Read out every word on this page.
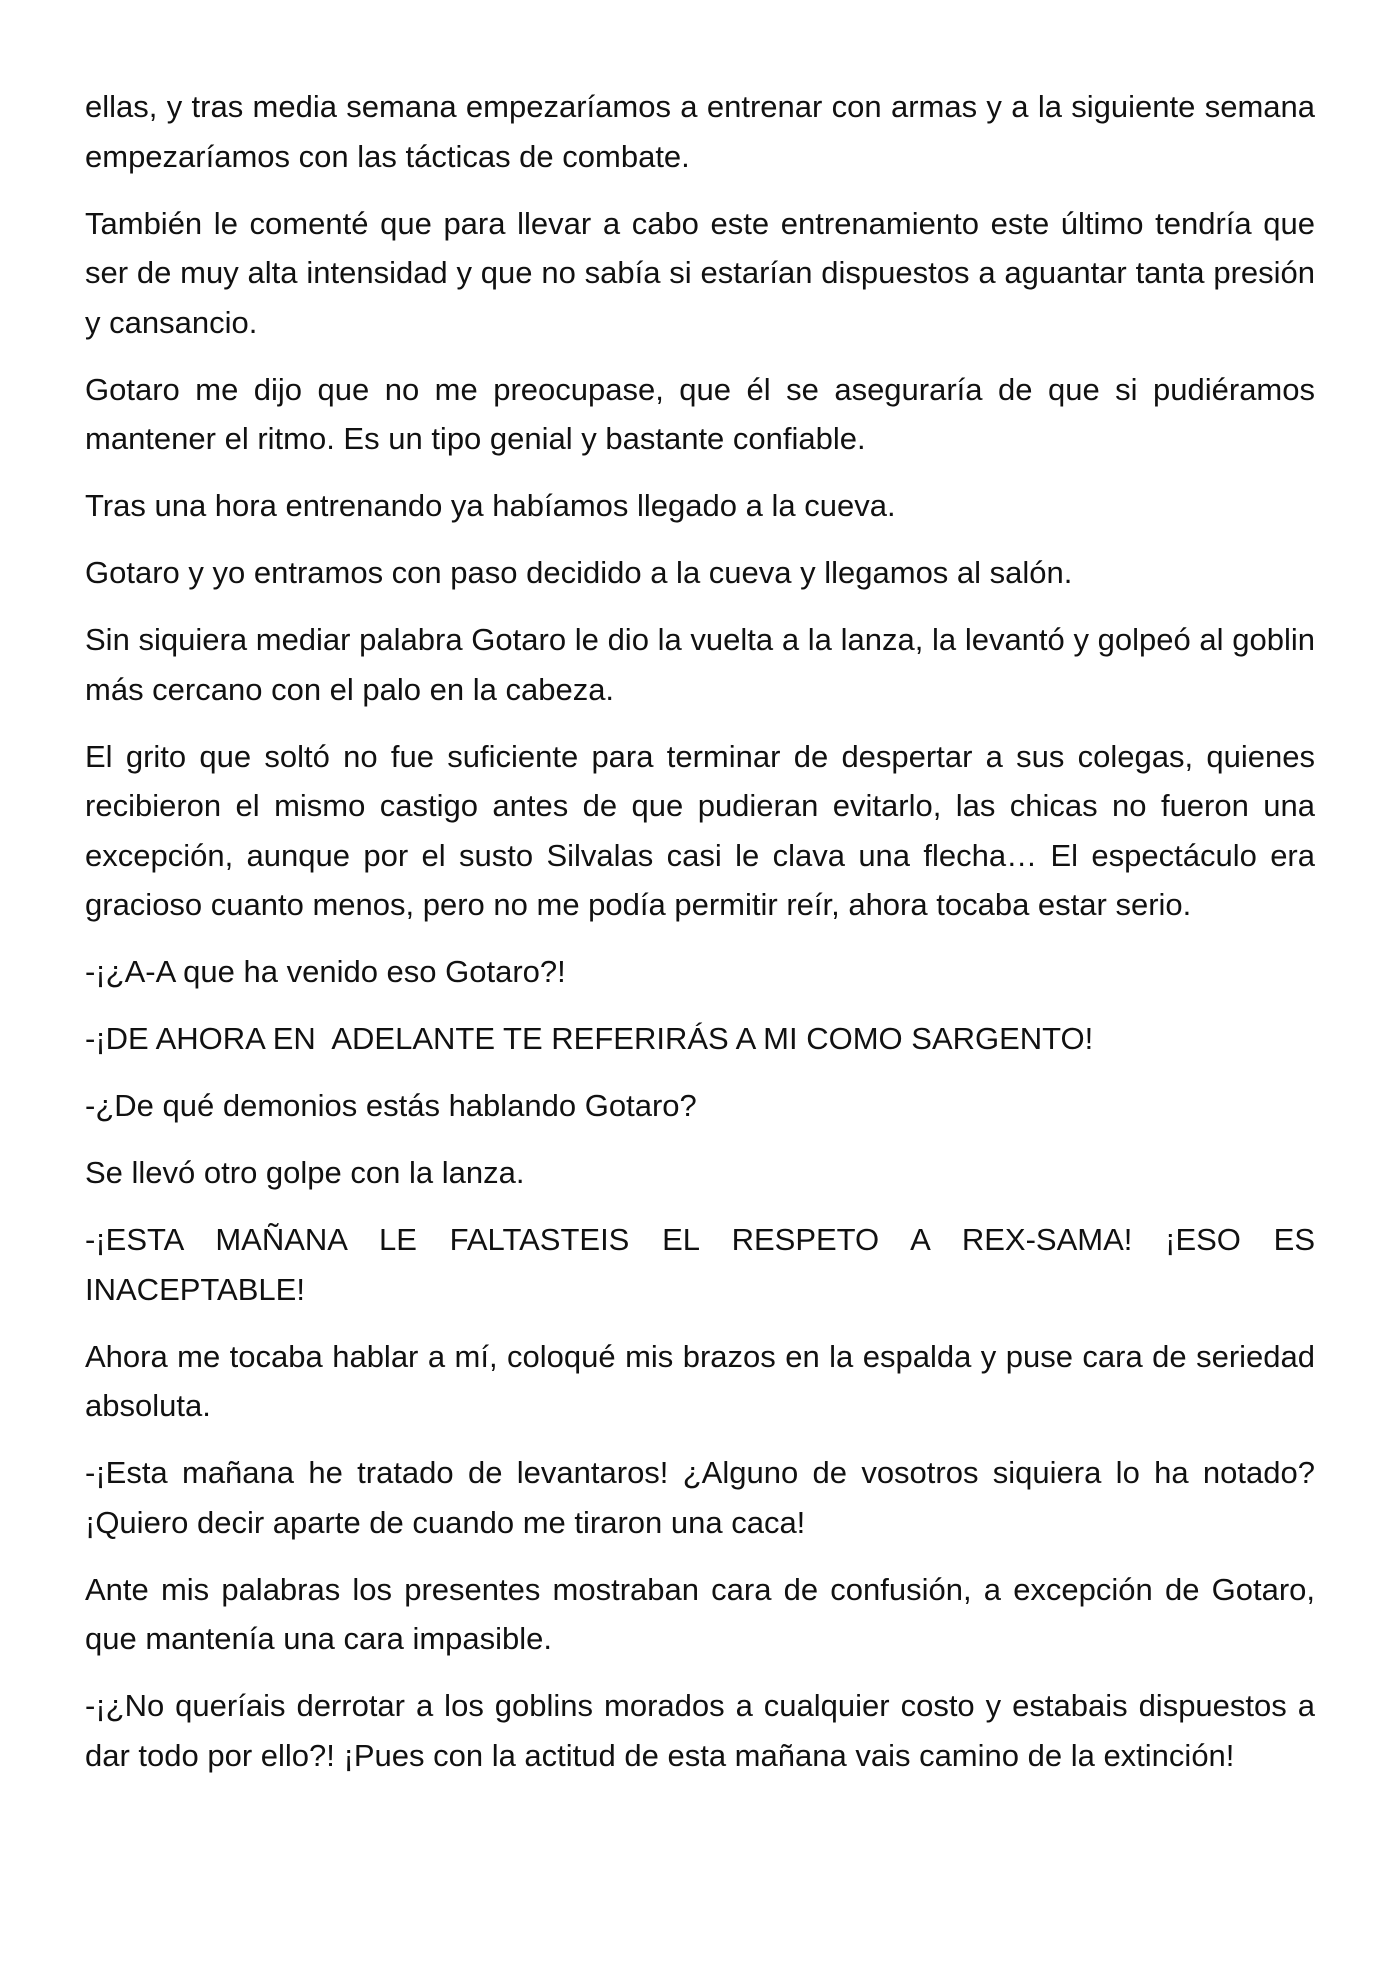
ellas, y tras media semana empezaríamos a entrenar con armas y a la siguiente semana empezaríamos con las tácticas de combate.

También le comenté que para llevar a cabo este entrenamiento este último tendría que ser de muy alta intensidad y que no sabía si estarían dispuestos a aguantar tanta presión y cansancio.

Gotaro me dijo que no me preocupase, que él se aseguraría de que si pudiéramos mantener el ritmo. Es un tipo genial y bastante confiable.

Tras una hora entrenando ya habíamos llegado a la cueva.

Gotaro y yo entramos con paso decidido a la cueva y llegamos al salón.

Sin siquiera mediar palabra Gotaro le dio la vuelta a la lanza, la levantó y golpeó al goblin más cercano con el palo en la cabeza.

El grito que soltó no fue suficiente para terminar de despertar a sus colegas, quienes recibieron el mismo castigo antes de que pudieran evitarlo, las chicas no fueron una excepción, aunque por el susto Silvalas casi le clava una flecha… El espectáculo era gracioso cuanto menos, pero no me podía permitir reír, ahora tocaba estar serio.

-¡¿A-A que ha venido eso Gotaro?!

-¡DE AHORA EN  ADELANTE TE REFERIRÁS A MI COMO SARGENTO!

-¿De qué demonios estás hablando Gotaro?

Se llevó otro golpe con la lanza.

-¡ESTA MAÑANA LE FALTASTEIS EL RESPETO A REX-SAMA! ¡ESO ES INACEPTABLE!

Ahora me tocaba hablar a mí, coloqué mis brazos en la espalda y puse cara de seriedad absoluta.

-¡Esta mañana he tratado de levantaros! ¿Alguno de vosotros siquiera lo ha notado? ¡Quiero decir aparte de cuando me tiraron una caca!

Ante mis palabras los presentes mostraban cara de confusión, a excepción de Gotaro, que mantenía una cara impasible.

-¡¿No queríais derrotar a los goblins morados a cualquier costo y estabais dispuestos a dar todo por ello?! ¡Pues con la actitud de esta mañana vais camino de la extinción!
